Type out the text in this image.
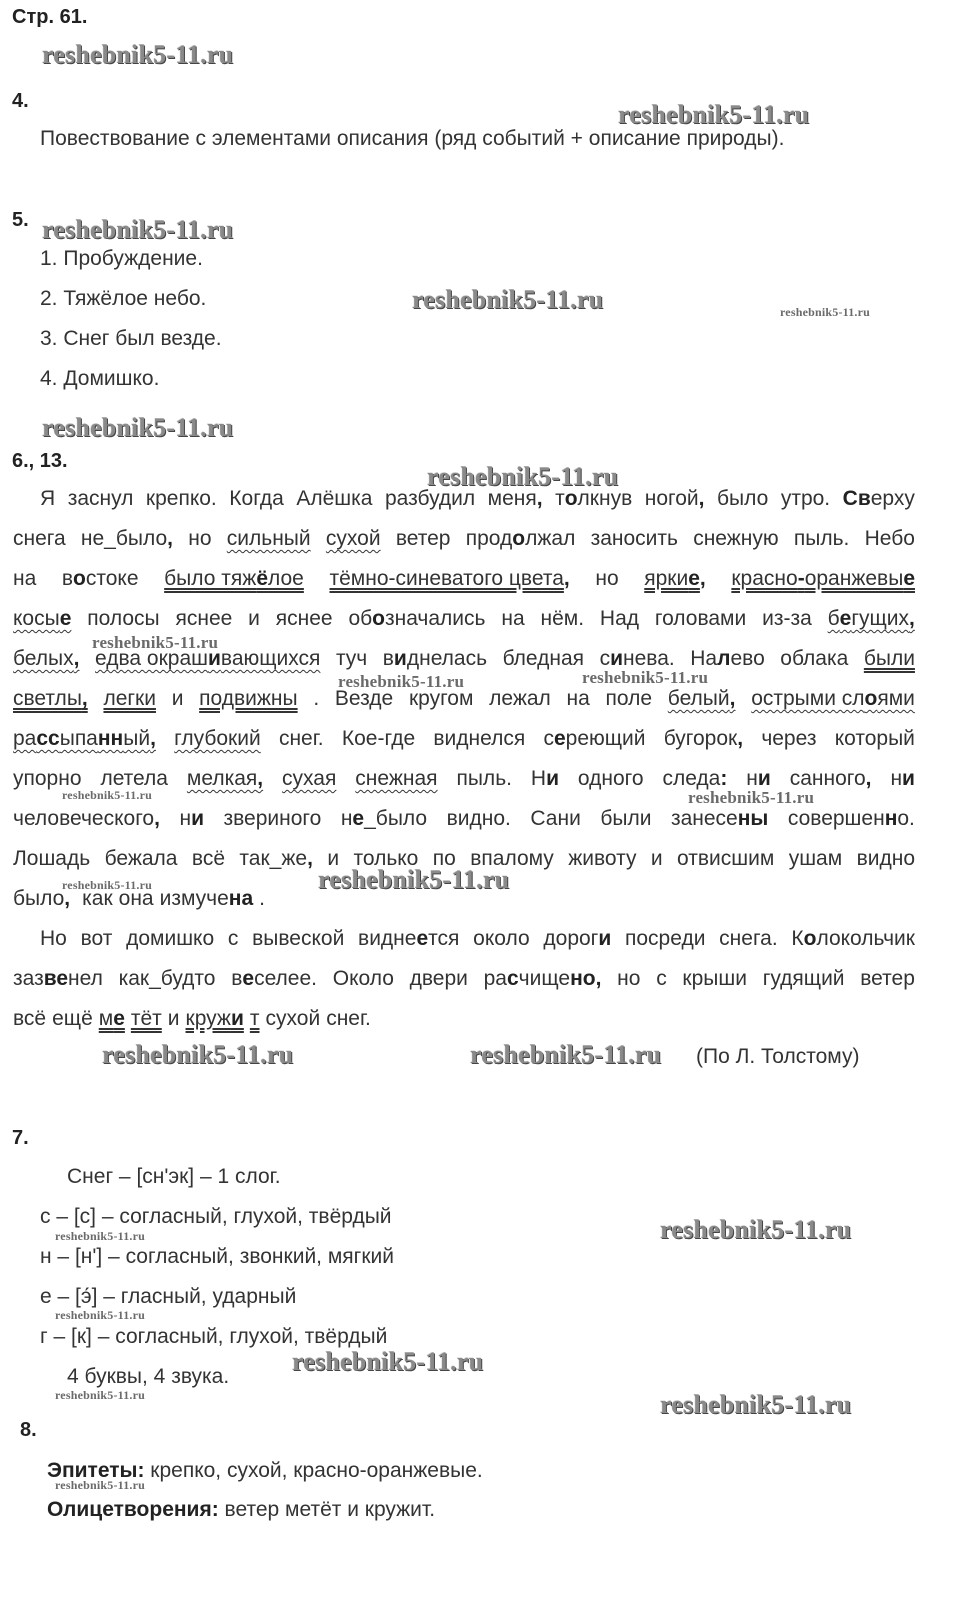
Стр. 61.
reshebnik5-11.ru
reshebnik5-11.ru
reshebnik5-11.ru
reshebnik5-11.ru	reshebnik5-11.ru
reshebnik5-11.ru
reshebnik5-11.ru
reshebnik5-11.ru
reshebnik5-11.ru	reshebnik5-11.ru
reshebnik5-11.ru	reshebnik5-11.ru
reshebnik5-11.ru	reshebnik5-11.ru
reshebnik5-11.ru	reshebnik5-11.ru
reshebnik5-11.ru
reshebnik5-11.ru
reshebnik5-11.ru
reshebnik5-11.ru
reshebnik5-11.ru	reshebnik5-11.ru
reshebnik5-11.ru
4.
Повествование с элементами описания (ряд событий + описание природы).
5.
1. Пробуждение.
2. Тяжёлое небо.
3. Снег был везде.
4. Домишко.
6., 13.
Я заснул крепко. Когда Алёшка разбудил меня, толкнув ногой, было утро. Сверху
снега не_было, но сильный сухой ветер продолжал заносить снежную пыль. Небо
на востоке было тяжёлое тёмно-синеватого цвета, но яркие, красно-оранжевые
косые полосы яснее и яснее обозначались на нём. Над головами из-за бегущих,
белых, едва окрашивающихся туч виднелась бледная синева. Налево облака были
светлы, легки и подвижны . Везде кругом лежал на поле белый, острыми слоями
рассыпанный, глубокий снег. Кое-где виднелся сереющий бугорок, через который
упорно летела мелкая, сухая снежная пыль. Ни одного следа: ни санного, ни
человеческого, ни звериного не_было видно. Сани были занесены совершенно.
Лошадь бежала всё так_же, и только по впалому животу и отвисшим ушам видно
было, как она измучена .
Но вот домишко с вывеской виднеется около дороги посреди снега. Колокольчик
зазвенел как_будто веселее. Около двери расчищено, но с крыши гудящий ветер
всё ещё ме тёт и кружи т сухой снег.
(По Л. Толстому)
7.
Снег – [сн'эк] – 1 слог.
с – [с] – согласный, глухой, твёрдый
н – [н'] – согласный, звонкий, мягкий
е – [э́] – гласный, ударный
г – [к] – согласный, глухой, твёрдый
4 буквы, 4 звука.
8.
Эпитеты: крепко, сухой, красно-оранжевые.
Олицетворения: ветер метёт и кружит.
